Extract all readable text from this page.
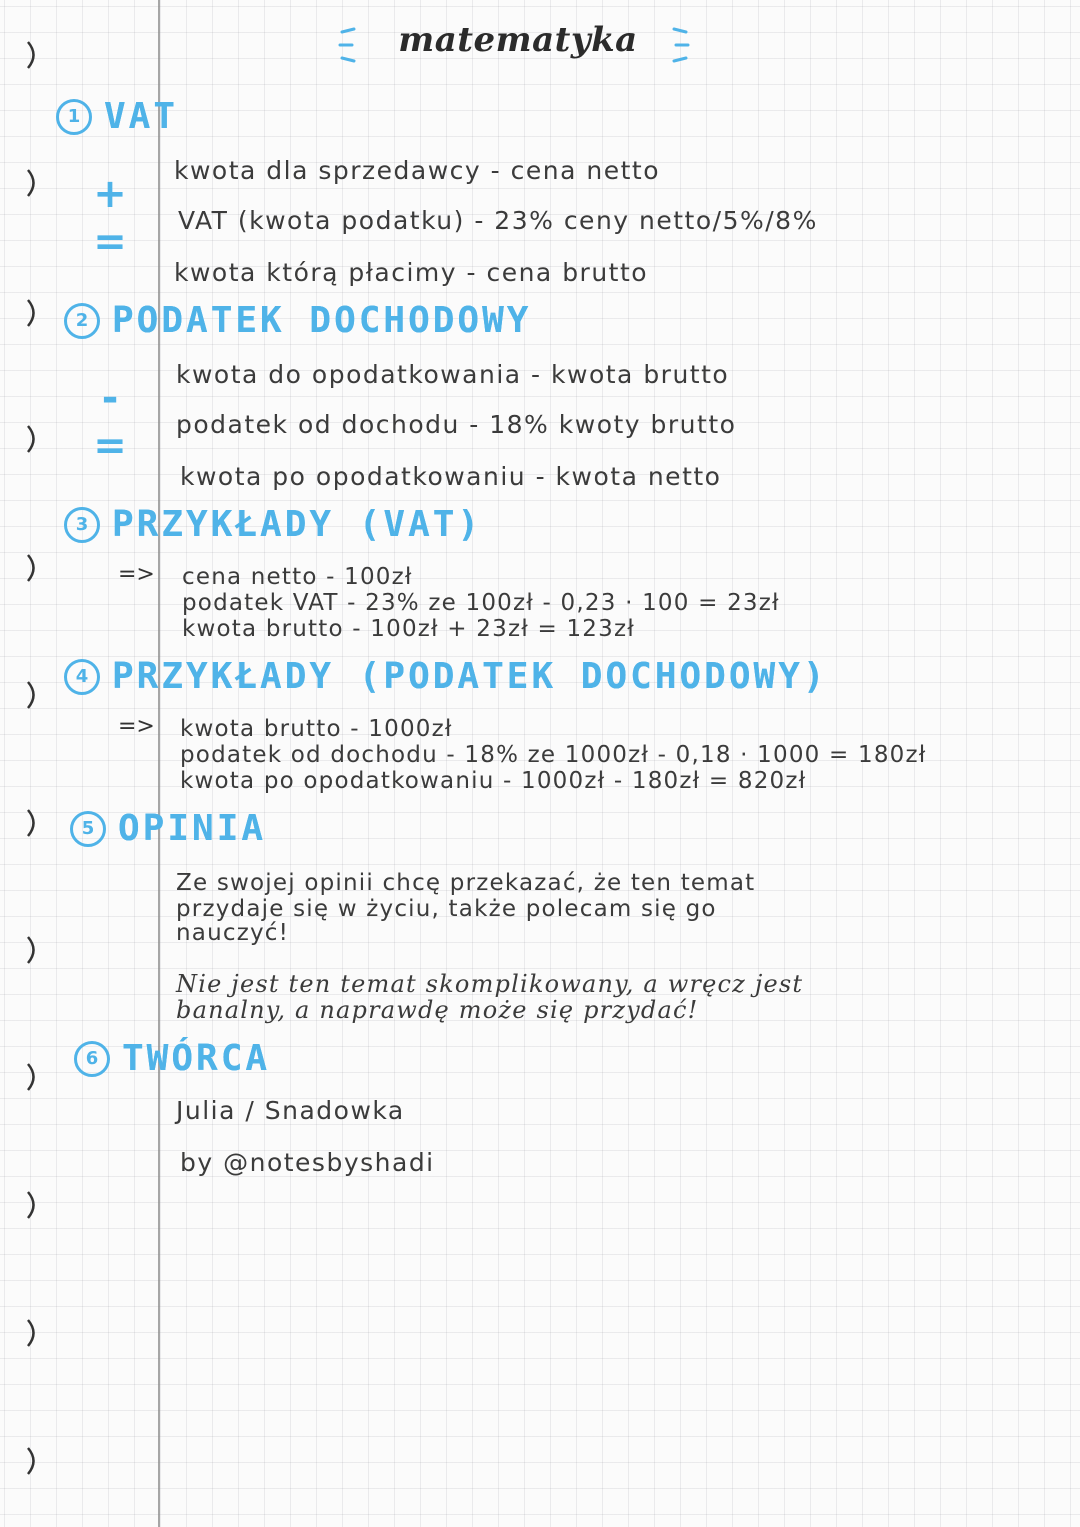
matematyka
1 VAT
+
=
kwota dla sprzedawcy - cena netto
VAT (kwota podatku) - 23% ceny netto/5%/8%
kwota którą płacimy - cena brutto
2 PODATEK DOCHODOWY
-
=
kwota do opodatkowania - kwota brutto
podatek od dochodu - 18% kwoty brutto
kwota po opodatkowaniu - kwota netto
3 PRZYKŁADY (VAT)
=> cena netto - 100zł
podatek VAT - 23% ze 100zł - 0,23 · 100 = 23zł
kwota brutto - 100zł + 23zł = 123zł
4 PRZYKŁADY (PODATEK DOCHODOWY)
=> kwota brutto - 1000zł
podatek od dochodu - 18% ze 1000zł - 0,18 · 1000 = 180zł
kwota po opodatkowaniu - 1000zł - 180zł = 820zł
5 OPINIA
Ze swojej opinii chcę przekazać, że ten temat
przydaje się w życiu, także polecam się go
nauczyć!
Nie jest ten temat skomplikowany, a wręcz jest
banalny, a naprawdę może się przydać!
6 TWÓRCA
Julia / Snadowka
by @notesbyshadi
